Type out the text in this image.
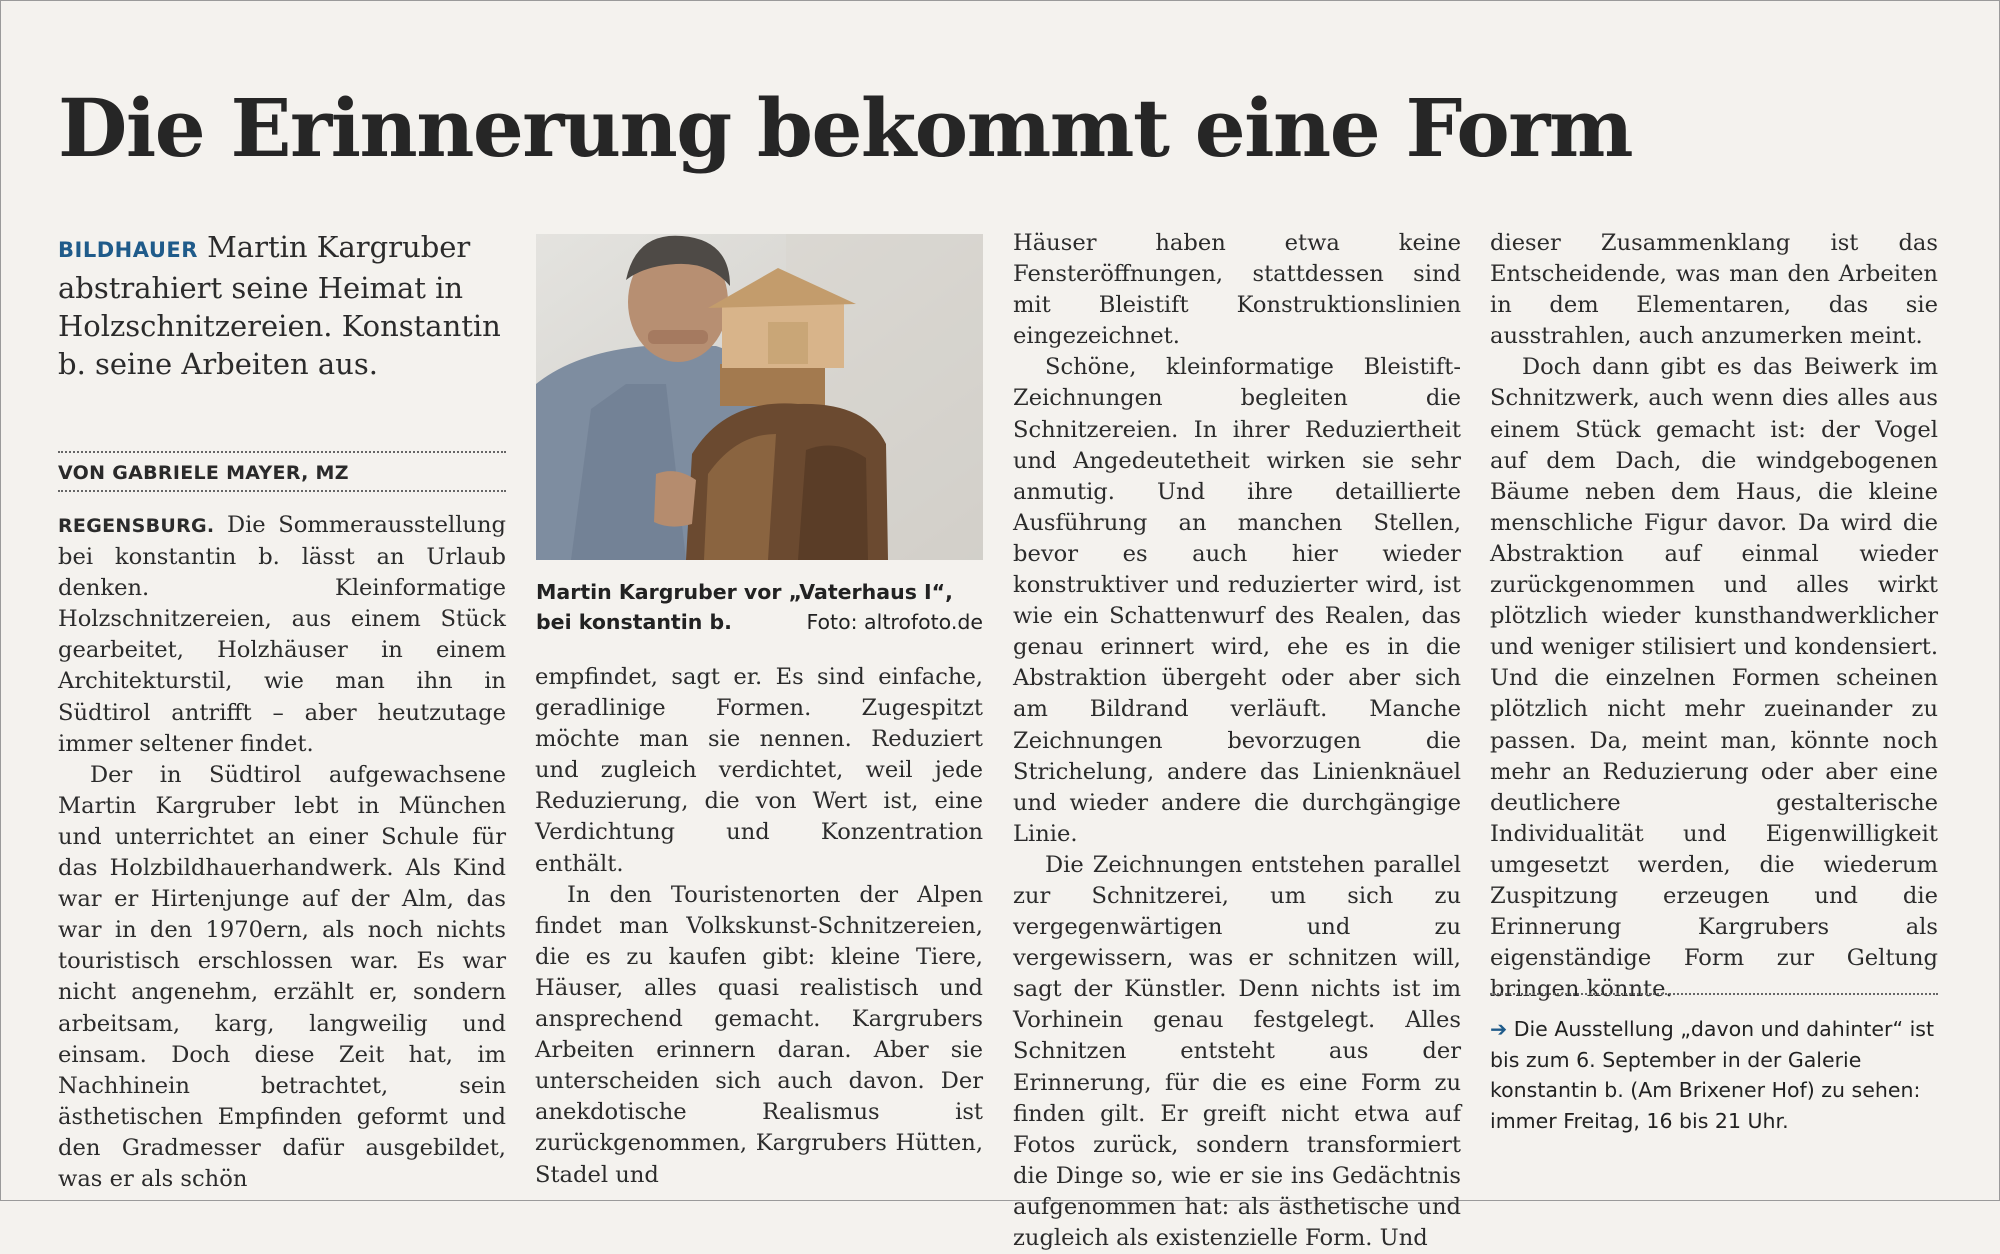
Die Erinnerung bekommt eine Form
BILDHAUER Martin Kargruber abstrahiert seine Heimat in Holzschnitzereien. Konstantin b. seine Arbeiten aus.
VON GABRIELE MAYER, MZ

REGENSBURG. Die Sommerausstellung bei konstantin b. lässt an Urlaub denken. Kleinformatige Holzschnitzereien, aus einem Stück gearbeitet, Holzhäuser in einem Architekturstil, wie man ihn in Südtirol antrifft – aber heutzutage immer seltener findet.

Der in Südtirol aufgewachsene Martin Kargruber lebt in München und unterrichtet an einer Schule für das Holzbildhauerhandwerk. Als Kind war er Hirtenjunge auf der Alm, das war in den 1970ern, als noch nichts touristisch erschlossen war. Es war nicht angenehm, erzählt er, sondern arbeitsam, karg, langweilig und einsam. Doch diese Zeit hat, im Nachhinein betrachtet, sein ästhetischen Empfinden geformt und den Gradmesser dafür ausgebildet, was er als schön

Martin Kargruber vor „Vaterhaus I“, bei konstantin b.	Foto: altrofoto.de

empfindet, sagt er. Es sind einfache, geradlinige Formen. Zugespitzt möchte man sie nennen. Reduziert und zugleich verdichtet, weil jede Reduzierung, die von Wert ist, eine Verdichtung und Konzentration enthält.

In den Touristenorten der Alpen findet man Volkskunst-Schnitzereien, die es zu kaufen gibt: kleine Tiere, Häuser, alles quasi realistisch und ansprechend gemacht. Kargrubers Arbeiten erinnern daran. Aber sie unterscheiden sich auch davon. Der anekdotische Realismus ist zurückgenommen, Kargrubers Hütten, Stadel und

Häuser haben etwa keine Fensteröffnungen, stattdessen sind mit Bleistift Konstruktionslinien eingezeichnet.

Schöne, kleinformatige Bleistift-Zeichnungen begleiten die Schnitzereien. In ihrer Reduziertheit und Angedeutetheit wirken sie sehr anmutig. Und ihre detaillierte Ausführung an manchen Stellen, bevor es auch hier wieder konstruktiver und reduzierter wird, ist wie ein Schattenwurf des Realen, das genau erinnert wird, ehe es in die Abstraktion übergeht oder aber sich am Bildrand verläuft. Manche Zeichnungen bevorzugen die Strichelung, andere das Linienknäuel und wieder andere die durchgängige Linie.

Die Zeichnungen entstehen parallel zur Schnitzerei, um sich zu vergegenwärtigen und zu vergewissern, was er schnitzen will, sagt der Künstler. Denn nichts ist im Vorhinein genau festgelegt. Alles Schnitzen entsteht aus der Erinnerung, für die es eine Form zu finden gilt. Er greift nicht etwa auf Fotos zurück, sondern transformiert die Dinge so, wie er sie ins Gedächtnis aufgenommen hat: als ästhetische und zugleich als existenzielle Form. Und

dieser Zusammenklang ist das Entscheidende, was man den Arbeiten in dem Elementaren, das sie ausstrahlen, auch anzumerken meint.

Doch dann gibt es das Beiwerk im Schnitzwerk, auch wenn dies alles aus einem Stück gemacht ist: der Vogel auf dem Dach, die windgebogenen Bäume neben dem Haus, die kleine menschliche Figur davor. Da wird die Abstraktion auf einmal wieder zurückgenommen und alles wirkt plötzlich wieder kunsthandwerklicher und weniger stilisiert und kondensiert. Und die einzelnen Formen scheinen plötzlich nicht mehr zueinander zu passen. Da, meint man, könnte noch mehr an Reduzierung oder aber eine deutlichere gestalterische Individualität und Eigenwilligkeit umgesetzt werden, die wiederum Zuspitzung erzeugen und die Erinnerung Kargrubers als eigenständige Form zur Geltung bringen könnte.

➔ Die Ausstellung „davon und dahinter“ ist bis zum 6. September in der Galerie konstantin b. (Am Brixener Hof) zu sehen: immer Freitag, 16 bis 21 Uhr.
